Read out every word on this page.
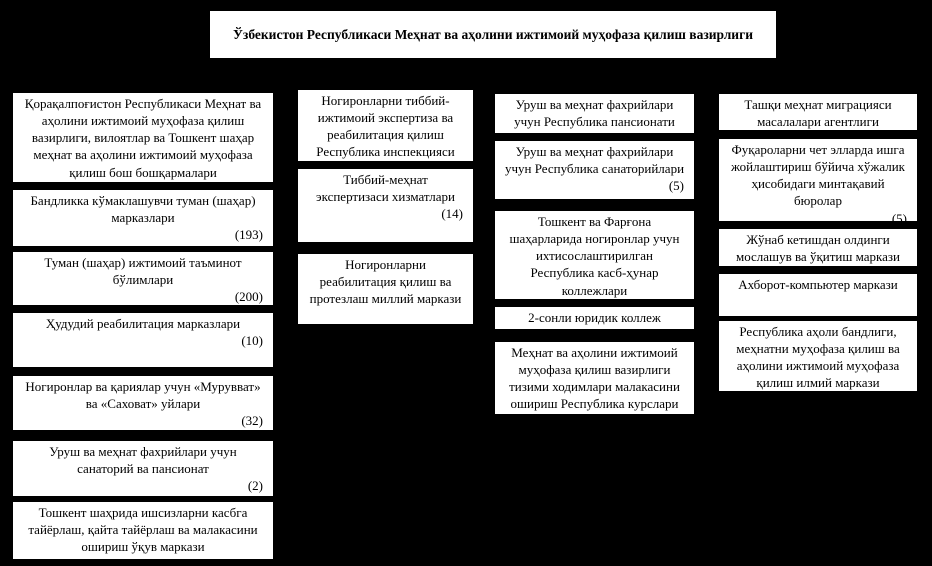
Ўзбекистон Республикаси Меҳнат ва аҳолини ижтимоий муҳофаза қилиш вазирлиги
Қорақалпоғистон Республикаси Меҳнат ва аҳолини ижтимоий муҳофаза қилиш вазирлиги, вилоятлар ва Тошкент шаҳар меҳнат ва аҳолини ижтимоий муҳофаза қилиш бош бошқармалари
Бандликка кўмаклашувчи туман (шаҳар) марказлари
(193)
Туман (шаҳар) ижтимоий таъминот бўлимлари
(200)
Ҳудудий реабилитация марказлари
(10)
Ногиронлар ва қариялар учун «Мурувват» ва «Саховат» уйлари
(32)
Уруш ва меҳнат фахрийлари учун санаторий ва пансионат
(2)
Тошкент шаҳрида ишсизларни касбга тайёрлаш, қайта тайёрлаш ва малакасини ошириш ўқув маркази
Ногиронларни тиббий-ижтимоий экспертиза ва реабилитация қилиш Республика инспекцияси
Тиббий-меҳнат экспертизаси хизматлари
(14)
Ногиронларни реабилитация қилиш ва протезлаш миллий маркази
Уруш ва меҳнат фахрийлари учун Республика пансионати
Уруш ва меҳнат фахрийлари учун Республика санаторийлари
(5)
Тошкент ва Фарғона шаҳарларида ногиронлар учун ихтисослаштирилган Республика касб-ҳунар коллежлари
2-сонли юридик коллеж
Меҳнат ва аҳолини ижтимоий муҳофаза қилиш вазирлиги тизими ходимлари малакасини ошириш Республика курслари
Ташқи меҳнат миграцияси масалалари агентлиги
Фуқароларни чет элларда ишга жойлаштириш бўйича хўжалик ҳисобидаги минтақавий бюролар
(5)
Жўнаб кетишдан олдинги мослашув ва ўқитиш маркази
Ахборот-компьютер маркази
Республика аҳоли бандлиги, меҳнатни муҳофаза қилиш ва аҳолини ижтимоий муҳофаза қилиш илмий маркази
